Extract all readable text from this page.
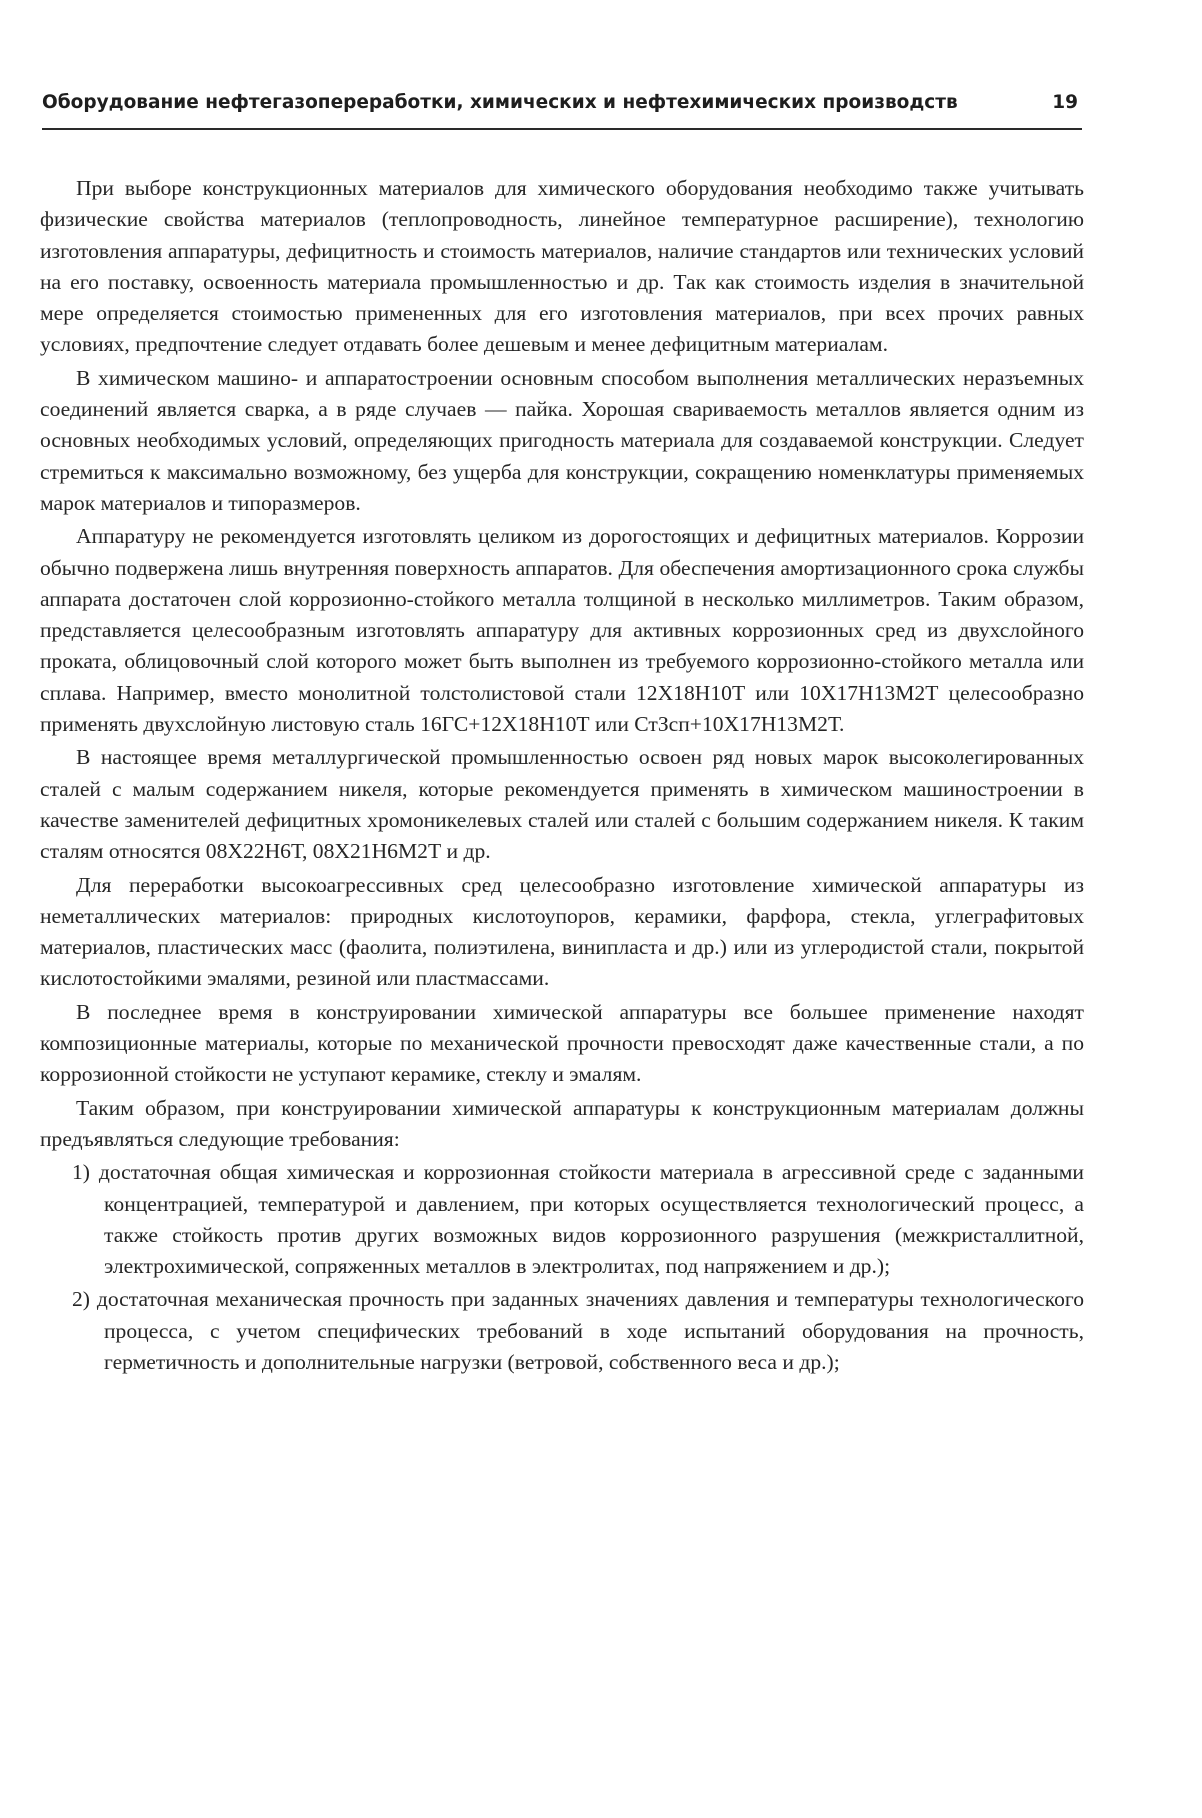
Оборудование нефтегазопереработки, химических и нефтехимических производств	19

При выборе конструкционных материалов для химического оборудования необходимо также учитывать физические свойства материалов (теплопроводность, линейное температурное расширение), технологию изготовления аппаратуры, дефицитность и стоимость материалов, наличие стандартов или технических условий на его поставку, освоенность материала промышленностью и др. Так как стоимость изделия в значительной мере определяется стоимостью примененных для его изготовления материалов, при всех прочих равных условиях, предпочтение следует отдавать более дешевым и менее дефицитным материалам.

В химическом машино- и аппаратостроении основным способом выполнения металлических неразъемных соединений является сварка, а в ряде случаев — пайка. Хорошая свариваемость металлов является одним из основных необходимых условий, определяющих пригодность материала для создаваемой конструкции. Следует стремиться к максимально возможному, без ущерба для конструкции, сокращению номенклатуры применяемых марок материалов и типоразмеров.

Аппаратуру не рекомендуется изготовлять целиком из дорогостоящих и дефицитных материалов. Коррозии обычно подвержена лишь внутренняя поверхность аппаратов. Для обеспечения амортизационного срока службы аппарата достаточен слой коррозионно-стойкого металла толщиной в несколько миллиметров. Таким образом, представляется целесообразным изготовлять аппаратуру для активных коррозионных сред из двухслойного проката, облицовочный слой которого может быть выполнен из требуемого коррозионно-стойкого металла или сплава. Например, вместо монолитной толстолистовой стали 12Х18Н10Т или 10Х17Н13М2Т целесообразно применять двухслойную листовую сталь 16ГС+12Х18Н10Т или СтЗсп+10Х17Н13М2Т.

В настоящее время металлургической промышленностью освоен ряд новых марок высоколегированных сталей с малым содержанием никеля, которые рекомендуется применять в химическом машиностроении в качестве заменителей дефицитных хромоникелевых сталей или сталей с большим содержанием никеля. К таким сталям относятся 08Х22Н6Т, 08Х21Н6М2Т и др.

Для переработки высокоагрессивных сред целесообразно изготовление химической аппаратуры из неметаллических материалов: природных кислотоупоров, керамики, фарфора, стекла, углеграфитовых материалов, пластических масс (фаолита, полиэтилена, винипласта и др.) или из углеродистой стали, покрытой кислотостойкими эмалями, резиной или пластмассами.

В последнее время в конструировании химической аппаратуры все большее применение находят композиционные материалы, которые по механической прочности превосходят даже качественные стали, а по коррозионной стойкости не уступают керамике, стеклу и эмалям.

Таким образом, при конструировании химической аппаратуры к конструкционным материалам должны предъявляться следующие требования:

1) достаточная общая химическая и коррозионная стойкости материала в агрессивной среде с заданными концентрацией, температурой и давлением, при которых осуществляется технологический процесс, а также стойкость против других возможных видов коррозионного разрушения (межкристаллитной, электрохимической, сопряженных металлов в электролитах, под напряжением и др.);

2) достаточная механическая прочность при заданных значениях давления и температуры технологического процесса, с учетом специфических требований в ходе испытаний оборудования на прочность, герметичность и дополнительные нагрузки (ветровой, собственного веса и др.);
